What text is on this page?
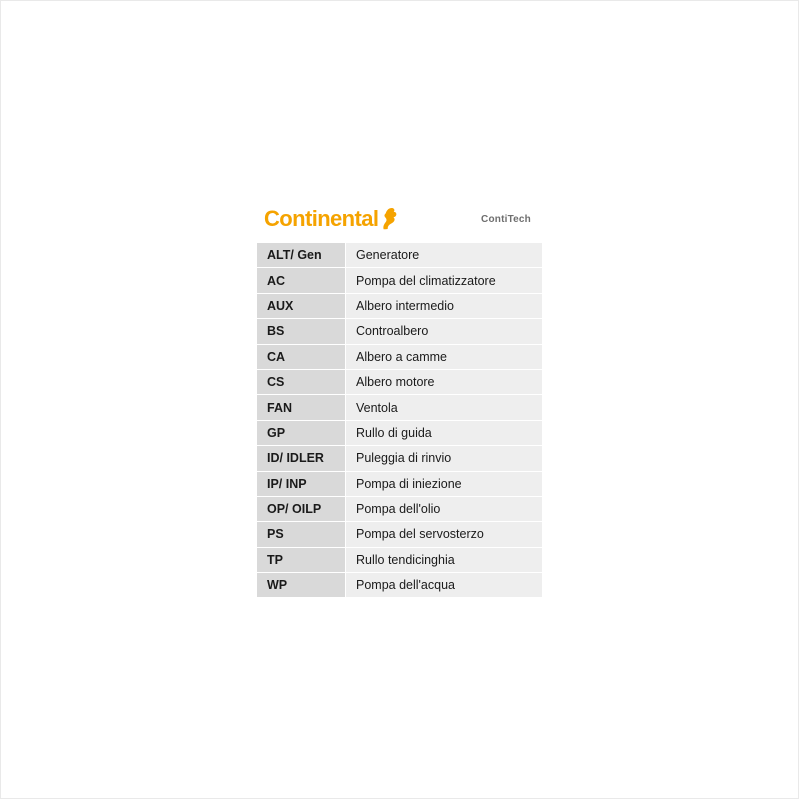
Continental	ContiTech
ALT/ Gen	Generatore
AC	Pompa del climatizzatore
AUX	Albero intermedio
BS	Controalbero
CA	Albero a camme
CS	Albero motore
FAN	Ventola
GP	Rullo di guida
ID/ IDLER	Puleggia di rinvio
IP/ INP	Pompa di iniezione
OP/ OILP	Pompa dell'olio
PS	Pompa del servosterzo
TP	Rullo tendicinghia
WP	Pompa dell'acqua
